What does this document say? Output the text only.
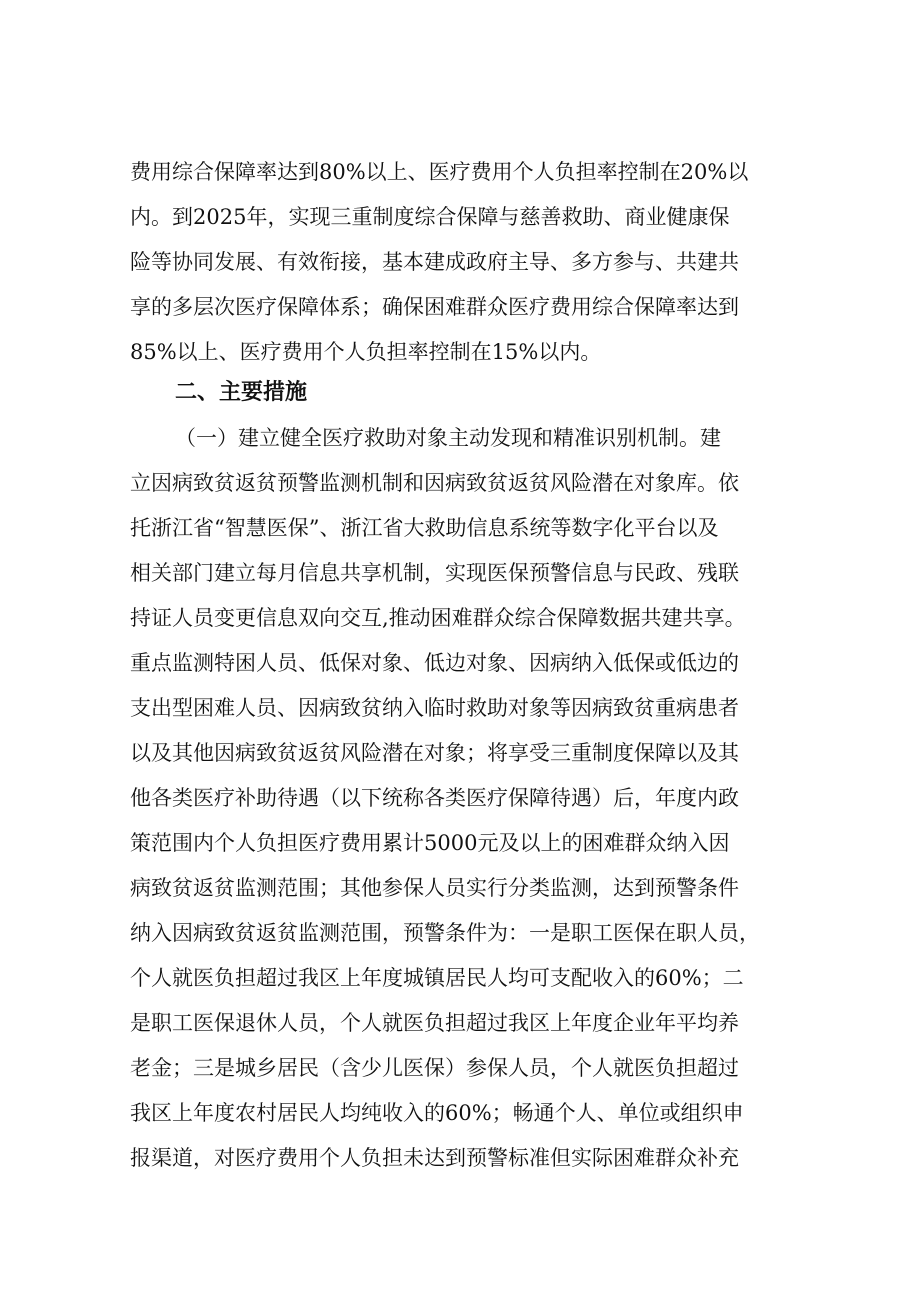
费用综合保障率达到80%以上、医疗费用个人负担率控制在20%以
内。到2025年，实现三重制度综合保障与慈善救助、商业健康保
险等协同发展、有效衔接，基本建成政府主导、多方参与、共建共
享的多层次医疗保障体系；确保困难群众医疗费用综合保障率达到
85%以上、医疗费用个人负担率控制在15%以内。
二、主要措施
（一）建立健全医疗救助对象主动发现和精准识别机制。建
立因病致贫返贫预警监测机制和因病致贫返贫风险潜在对象库。依
托浙江省“智慧医保”、浙江省大救助信息系统等数字化平台以及
相关部门建立每月信息共享机制，实现医保预警信息与民政、残联
持证人员变更信息双向交互,推动困难群众综合保障数据共建共享。
重点监测特困人员、低保对象、低边对象、因病纳入低保或低边的
支出型困难人员、因病致贫纳入临时救助对象等因病致贫重病患者
以及其他因病致贫返贫风险潜在对象；将享受三重制度保障以及其
他各类医疗补助待遇（以下统称各类医疗保障待遇）后，年度内政
策范围内个人负担医疗费用累计5000元及以上的困难群众纳入因
病致贫返贫监测范围；其他参保人员实行分类监测，达到预警条件
纳入因病致贫返贫监测范围，预警条件为：一是职工医保在职人员，
个人就医负担超过我区上年度城镇居民人均可支配收入的60%；二
是职工医保退休人员，个人就医负担超过我区上年度企业年平均养
老金；三是城乡居民（含少儿医保）参保人员，个人就医负担超过
我区上年度农村居民人均纯收入的60%；畅通个人、单位或组织申
报渠道，对医疗费用个人负担未达到预警标准但实际困难群众补充
